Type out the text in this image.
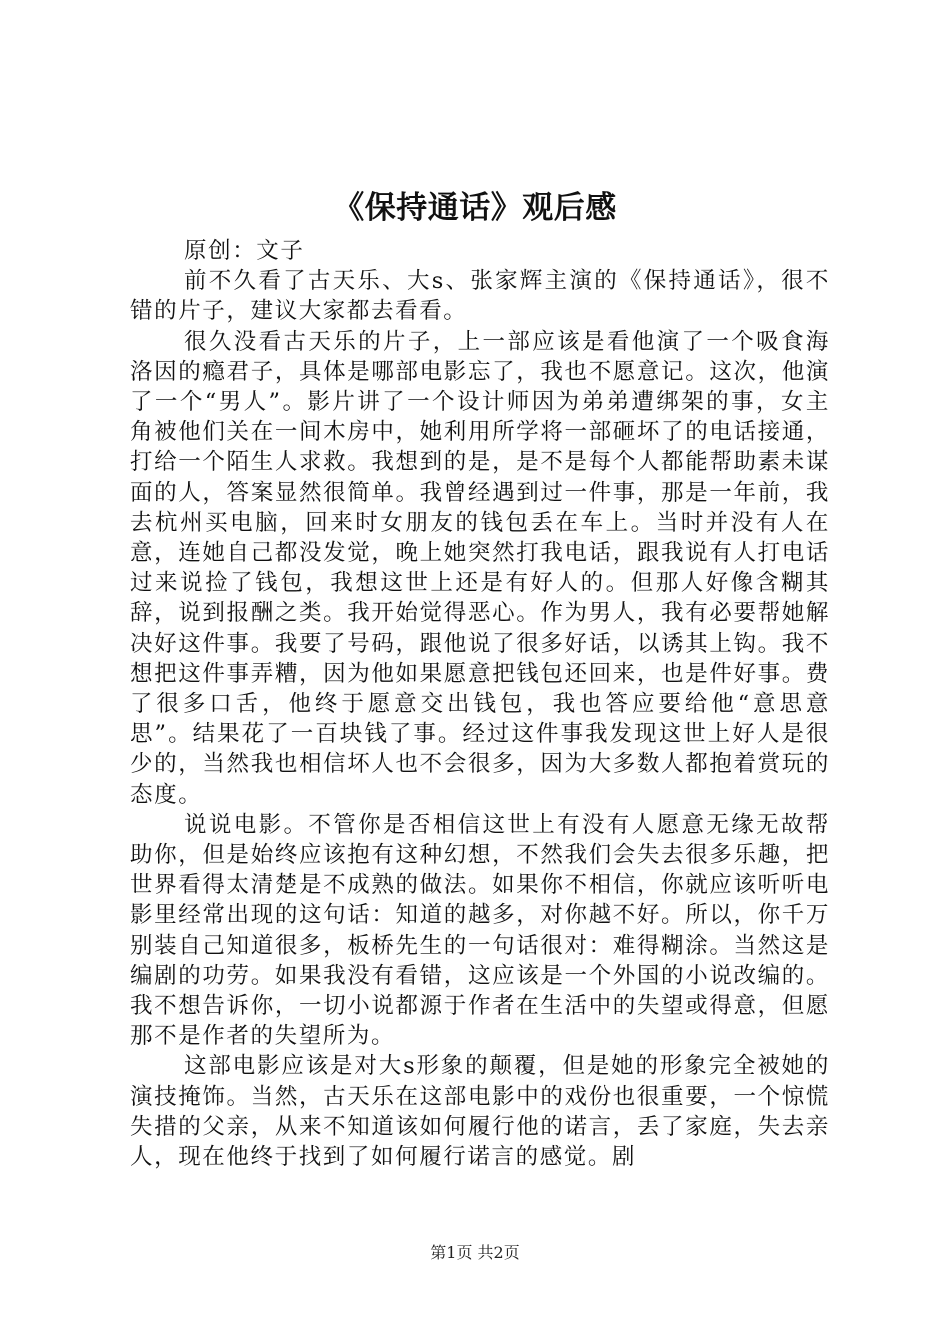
《保持通话》观后感

原创：文子

前不久看了古天乐、大s、张家辉主演的《保持通话》，很不错的片子，建议大家都去看看。

很久没看古天乐的片子，上一部应该是看他演了一个吸食海洛因的瘾君子，具体是哪部电影忘了，我也不愿意记。这次，他演了一个“男人”。影片讲了一个设计师因为弟弟遭绑架的事，女主角被他们关在一间木房中，她利用所学将一部砸坏了的电话接通，打给一个陌生人求救。我想到的是，是不是每个人都能帮助素未谋面的人，答案显然很简单。我曾经遇到过一件事，那是一年前，我去杭州买电脑，回来时女朋友的钱包丢在车上。当时并没有人在意，连她自己都没发觉，晚上她突然打我电话，跟我说有人打电话过来说捡了钱包，我想这世上还是有好人的。但那人好像含糊其辞，说到报酬之类。我开始觉得恶心。作为男人，我有必要帮她解决好这件事。我要了号码，跟他说了很多好话，以诱其上钩。我不想把这件事弄糟，因为他如果愿意把钱包还回来，也是件好事。费了很多口舌，他终于愿意交出钱包，我也答应要给他“意思意思”。结果花了一百块钱了事。经过这件事我发现这世上好人是很少的，当然我也相信坏人也不会很多，因为大多数人都抱着赏玩的态度。

说说电影。不管你是否相信这世上有没有人愿意无缘无故帮助你，但是始终应该抱有这种幻想，不然我们会失去很多乐趣，把世界看得太清楚是不成熟的做法。如果你不相信，你就应该听听电影里经常出现的这句话：知道的越多，对你越不好。所以，你千万别装自己知道很多，板桥先生的一句话很对：难得糊涂。当然这是编剧的功劳。如果我没有看错，这应该是一个外国的小说改编的。我不想告诉你，一切小说都源于作者在生活中的失望或得意，但愿那不是作者的失望所为。

这部电影应该是对大s形象的颠覆，但是她的形象完全被她的演技掩饰。当然，古天乐在这部电影中的戏份也很重要，一个惊慌失措的父亲，从来不知道该如何履行他的诺言，丢了家庭，失去亲人，现在他终于找到了如何履行诺言的感觉。剧

第1页 共2页
